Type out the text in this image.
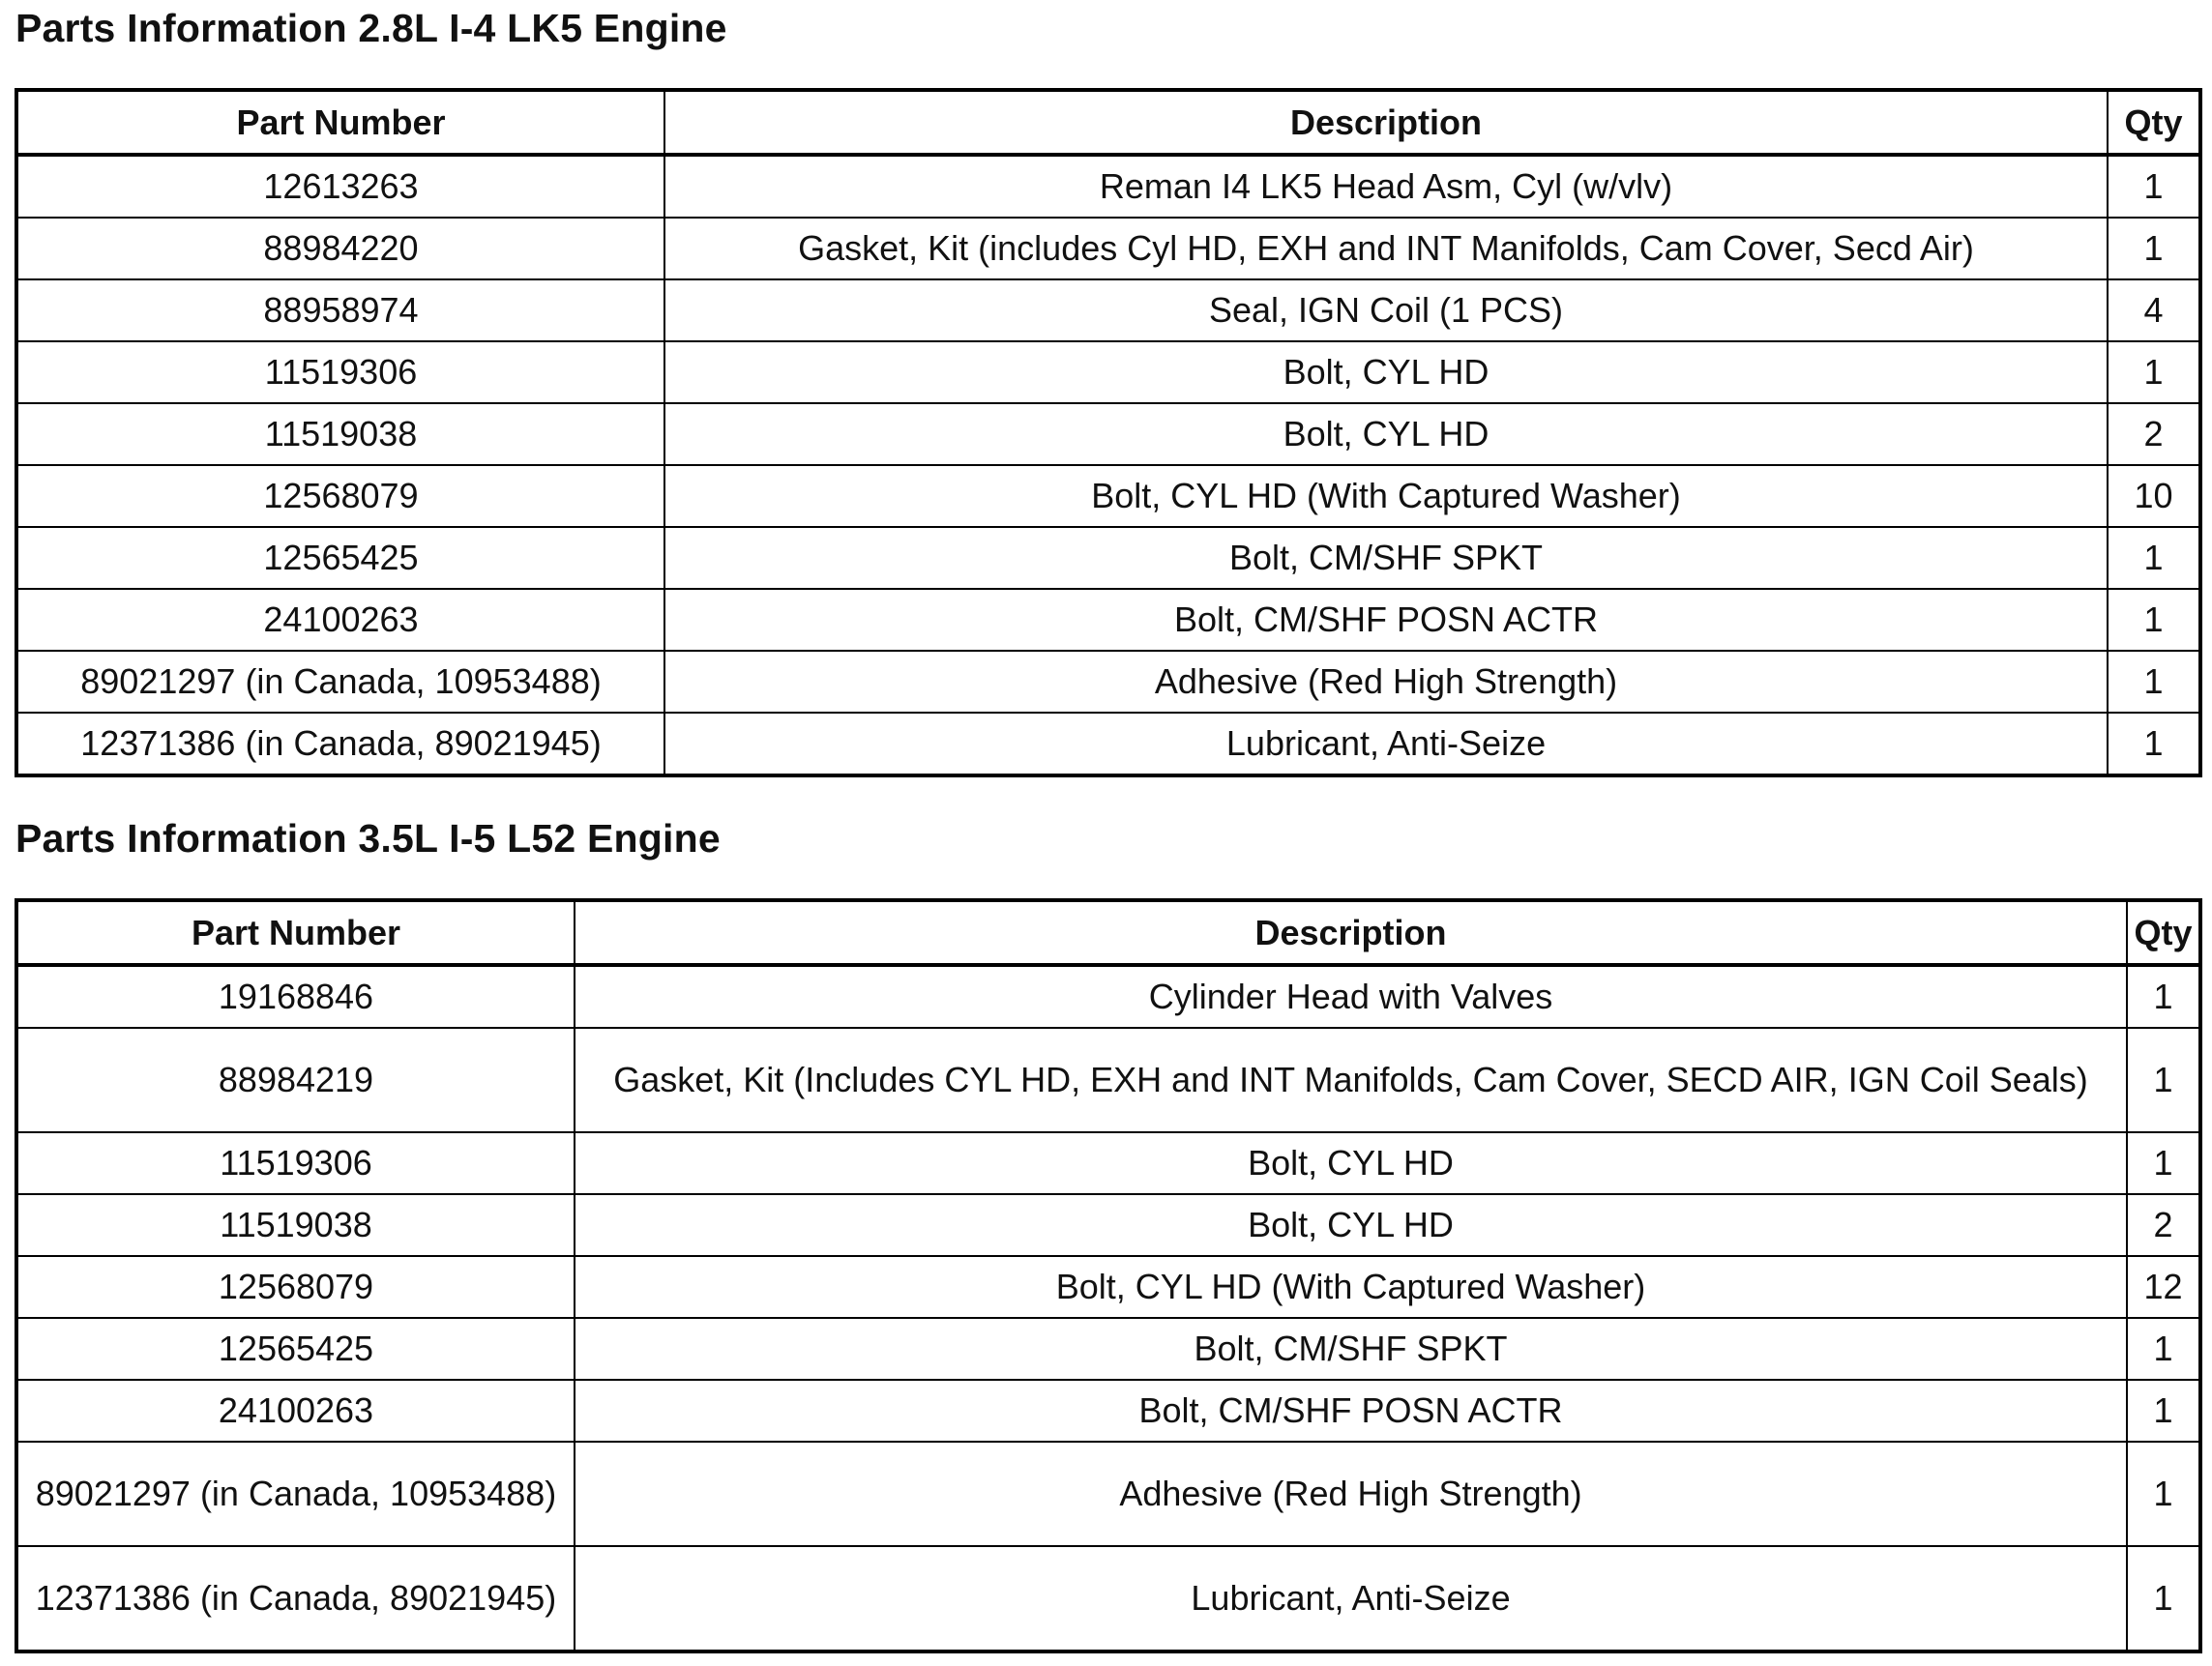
Parts Information 2.8L I-4 LK5 Engine
Part Number	Description	Qty
12613263	Reman I4 LK5 Head Asm, Cyl (w/vlv)	1
88984220	Gasket, Kit (includes Cyl HD, EXH and INT Manifolds, Cam Cover, Secd Air)	1
88958974	Seal, IGN Coil (1 PCS)	4
11519306	Bolt, CYL HD	1
11519038	Bolt, CYL HD	2
12568079	Bolt, CYL HD (With Captured Washer)	10
12565425	Bolt, CM/SHF SPKT	1
24100263	Bolt, CM/SHF POSN ACTR	1
89021297 (in Canada, 10953488)	Adhesive (Red High Strength)	1
12371386 (in Canada, 89021945)	Lubricant, Anti-Seize	1
Parts Information 3.5L I-5 L52 Engine
Part Number	Description	Qty
19168846	Cylinder Head with Valves	1
88984219	Gasket, Kit (Includes CYL HD, EXH and INT Manifolds, Cam Cover, SECD AIR, IGN Coil Seals)	1
11519306	Bolt, CYL HD	1
11519038	Bolt, CYL HD	2
12568079	Bolt, CYL HD (With Captured Washer)	12
12565425	Bolt, CM/SHF SPKT	1
24100263	Bolt, CM/SHF POSN ACTR	1
89021297 (in Canada, 10953488)	Adhesive (Red High Strength)	1
12371386 (in Canada, 89021945)	Lubricant, Anti-Seize	1
